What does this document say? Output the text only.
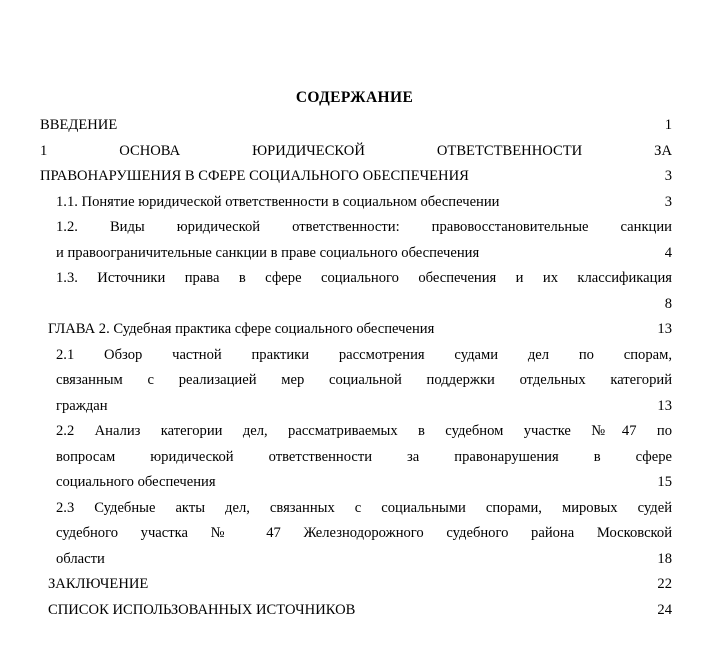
СОДЕРЖАНИЕ
ВВЕДЕНИЕ	1
1 ОСНОВА ЮРИДИЧЕСКОЙ ОТВЕТСТВЕННОСТИ ЗА
ПРАВОНАРУШЕНИЯ В СФЕРЕ СОЦИАЛЬНОГО ОБЕСПЕЧЕНИЯ	3
1.1. Понятие юридической ответственности в социальном обеспечении	3
1.2. Виды юридической ответственности: правовосстановительные санкции
и правоограничительные санкции в праве социального обеспечения	4
1.3. Источники права в сфере социального обеспечения и их классификация
8
ГЛАВА 2. Судебная практика сфере социального обеспечения	13
2.1 Обзор частной практики рассмотрения судами дел по спорам,
связанным с реализацией мер социальной поддержки отдельных категорий
граждан	13
2.2 Анализ категории дел, рассматриваемых в судебном участке №47 по
вопросам юридической ответственности за правонарушения в сфере
социального обеспечения	15
2.3 Судебные акты дел, связанных с социальными спорами, мировых судей
судебного участка № 47 Железнодорожного судебного района Московской
области	18
ЗАКЛЮЧЕНИЕ	22
СПИСОК ИСПОЛЬЗОВАННЫХ ИСТОЧНИКОВ	24
